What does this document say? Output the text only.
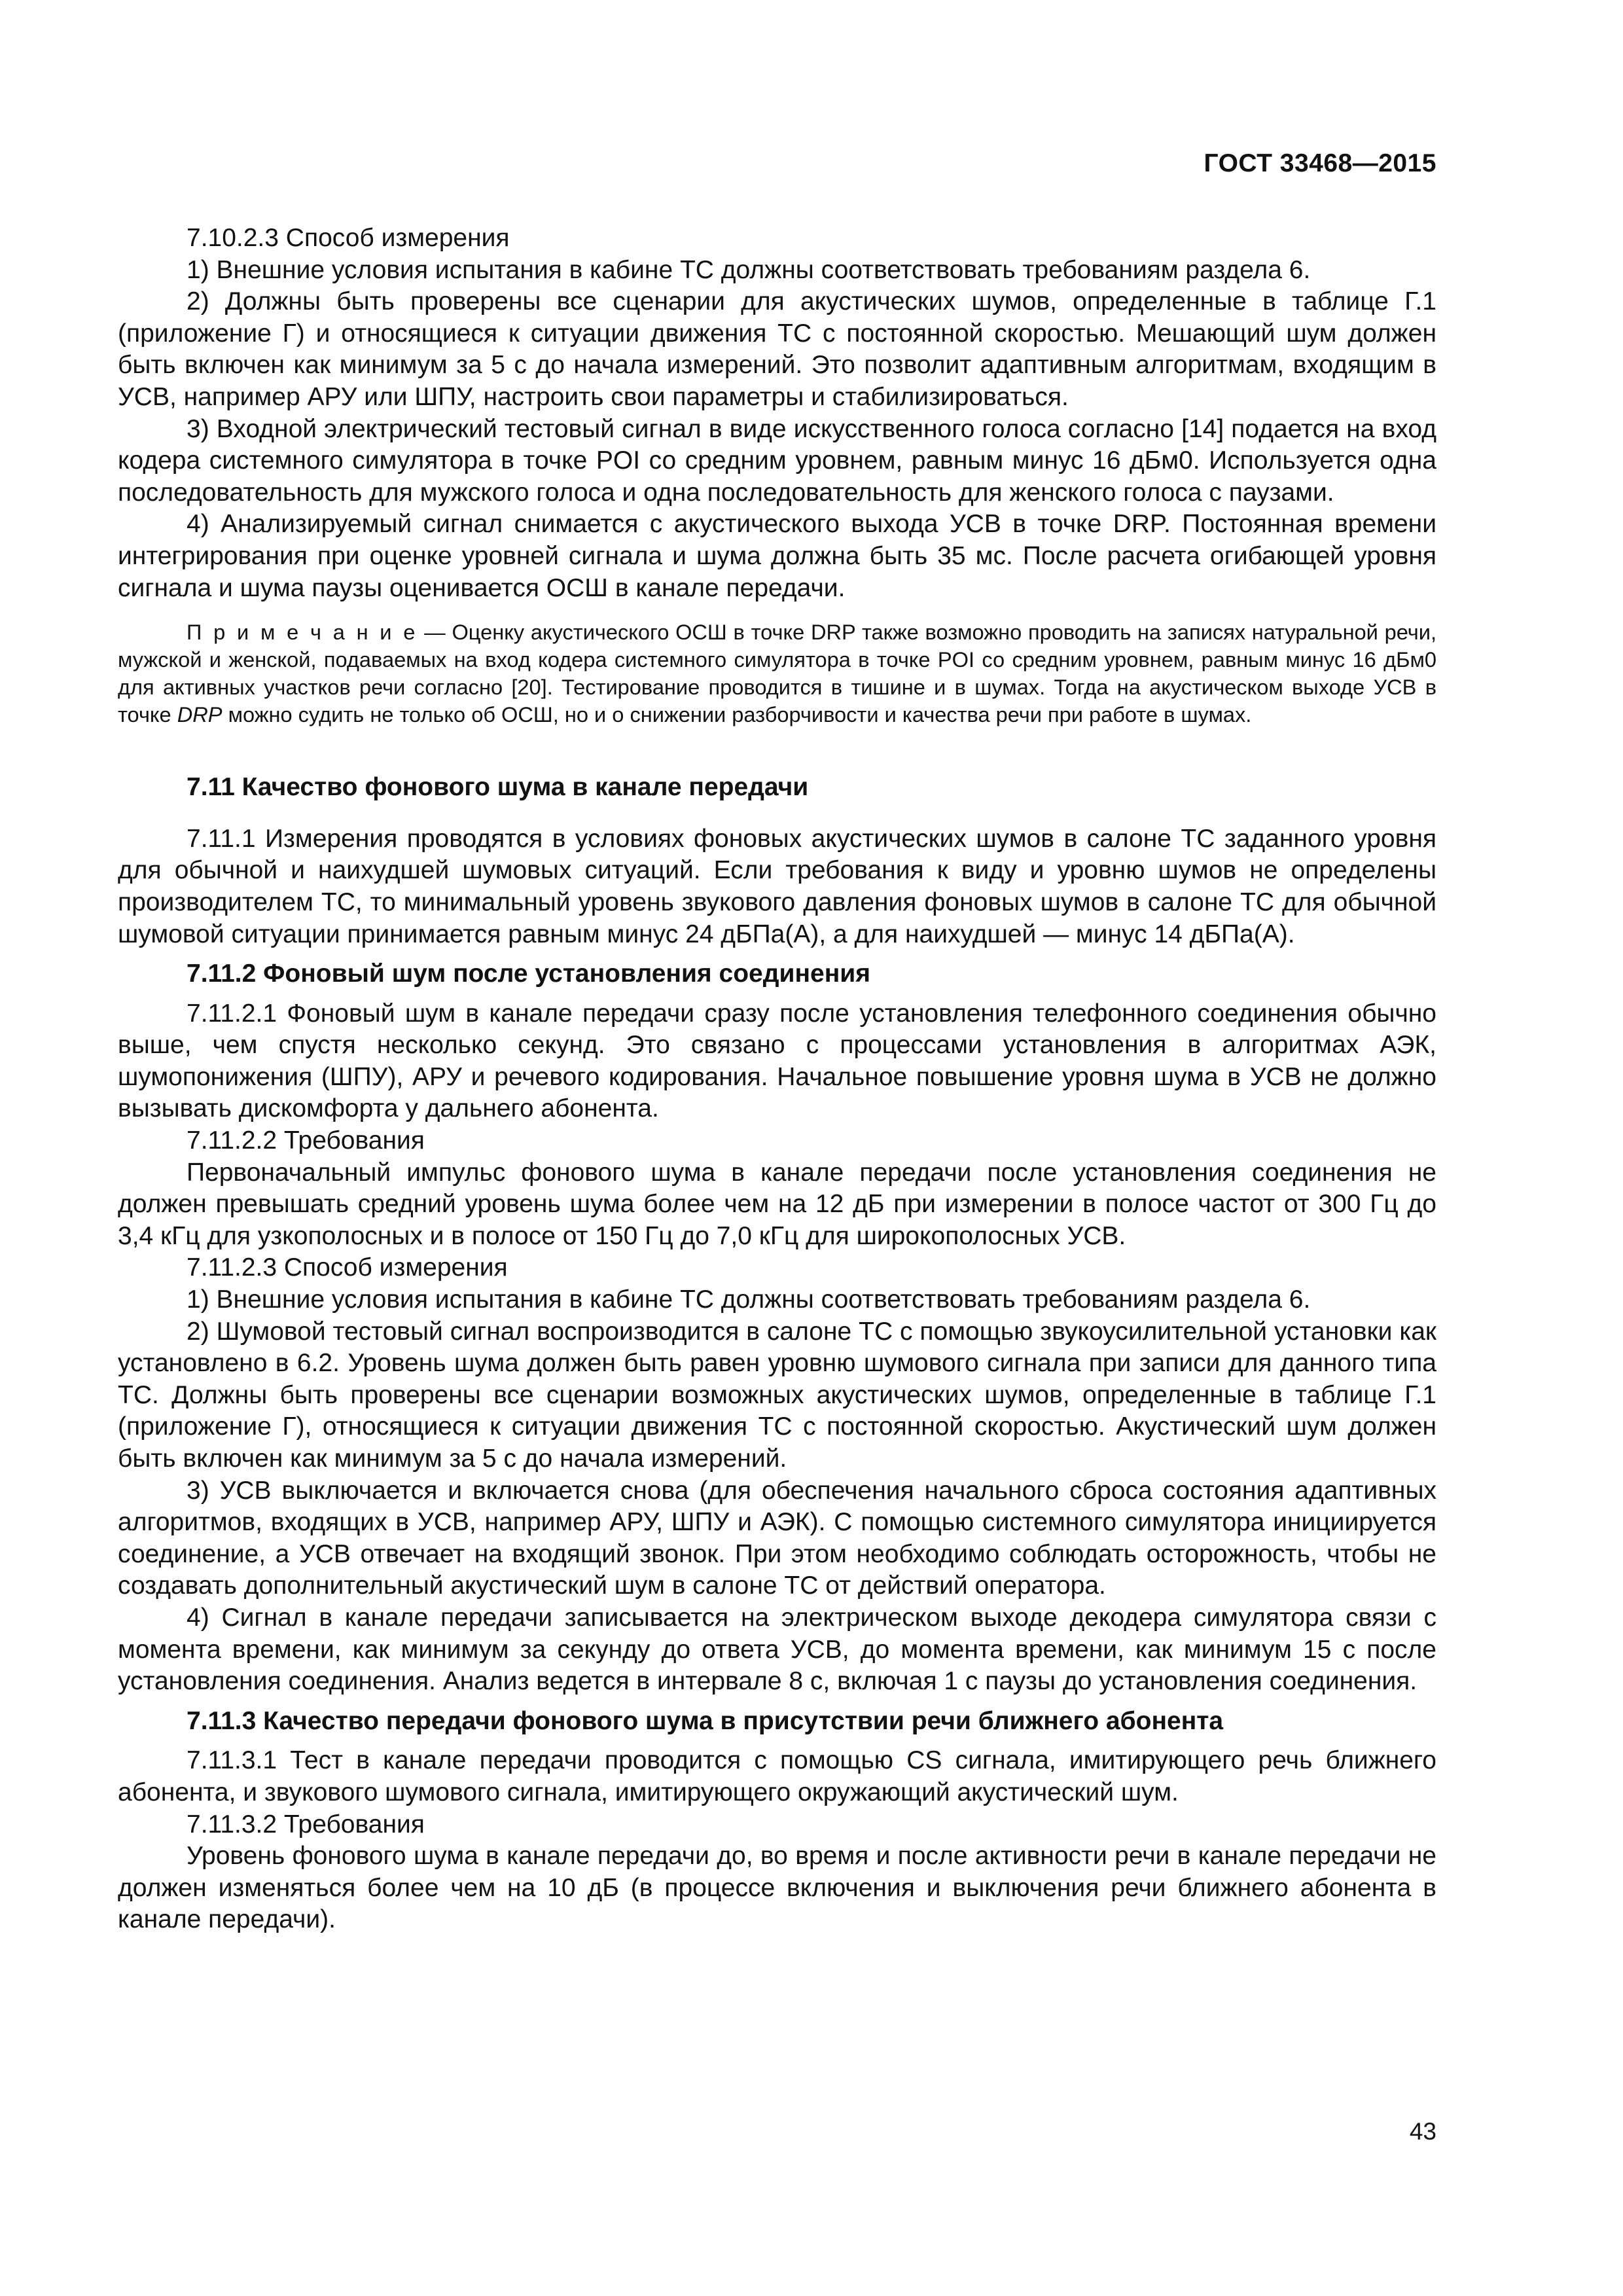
ГОСТ 33468—2015

7.10.2.3 Способ измерения

1) Внешние условия испытания в кабине ТС должны соответствовать требованиям раздела 6.

2) Должны быть проверены все сценарии для акустических шумов, определенные в таблице Г.1 (приложение Г) и относящиеся к ситуации движения ТС с постоянной скоростью. Мешающий шум должен быть включен как минимум за 5 с до начала измерений. Это позволит адаптивным алгоритмам, входящим в УСВ, например АРУ или ШПУ, настроить свои параметры и стабилизироваться.

3) Входной электрический тестовый сигнал в виде искусственного голоса согласно [14] подается на вход кодера системного симулятора в точке POI со средним уровнем, равным минус 16 дБм0. Используется одна последовательность для мужского голоса и одна последовательность для женского голоса с паузами.

4) Анализируемый сигнал снимается с акустического выхода УСВ в точке DRP. Постоянная времени интегрирования при оценке уровней сигнала и шума должна быть 35 мс. После расчета огибающей уровня сигнала и шума паузы оценивается ОСШ в канале передачи.

П р и м е ч а н и е — Оценку акустического ОСШ в точке DRP также возможно проводить на записях натуральной речи, мужской и женской, подаваемых на вход кодера системного симулятора в точке POI со средним уровнем, равным минус 16 дБм0 для активных участков речи согласно [20]. Тестирование проводится в тишине и в шумах. Тогда на акустическом выходе УСВ в точке DRP можно судить не только об ОСШ, но и о снижении разборчивости и качества речи при работе в шумах.

7.11 Качество фонового шума в канале передачи

7.11.1 Измерения проводятся в условиях фоновых акустических шумов в салоне ТС заданного уровня для обычной и наихудшей шумовых ситуаций. Если требования к виду и уровню шумов не определены производителем ТС, то минимальный уровень звукового давления фоновых шумов в салоне ТС для обычной шумовой ситуации принимается равным минус 24 дБПа(А), а для наихудшей — минус 14 дБПа(А).

7.11.2 Фоновый шум после установления соединения

7.11.2.1 Фоновый шум в канале передачи сразу после установления телефонного соединения обычно выше, чем спустя несколько секунд. Это связано с процессами установления в алгоритмах АЭК, шумопонижения (ШПУ), АРУ и речевого кодирования. Начальное повышение уровня шума в УСВ не должно вызывать дискомфорта у дальнего абонента.

7.11.2.2 Требования

Первоначальный импульс фонового шума в канале передачи после установления соединения не должен превышать средний уровень шума более чем на 12 дБ при измерении в полосе частот от 300 Гц до 3,4 кГц для узкополосных и в полосе от 150 Гц до 7,0 кГц для широкополосных УСВ.

7.11.2.3 Способ измерения

1) Внешние условия испытания в кабине ТС должны соответствовать требованиям раздела 6.

2) Шумовой тестовый сигнал воспроизводится в салоне ТС с помощью звукоусилительной установки как установлено в 6.2. Уровень шума должен быть равен уровню шумового сигнала при записи для данного типа ТС. Должны быть проверены все сценарии возможных акустических шумов, определенные в таблице Г.1 (приложение Г), относящиеся к ситуации движения ТС с постоянной скоростью. Акустический шум должен быть включен как минимум за 5 с до начала измерений.

3) УСВ выключается и включается снова (для обеспечения начального сброса состояния адаптивных алгоритмов, входящих в УСВ, например АРУ, ШПУ и АЭК). С помощью системного симулятора инициируется соединение, а УСВ отвечает на входящий звонок. При этом необходимо соблюдать осторожность, чтобы не создавать дополнительный акустический шум в салоне ТС от действий оператора.

4) Сигнал в канале передачи записывается на электрическом выходе декодера симулятора связи с момента времени, как минимум за секунду до ответа УСВ, до момента времени, как минимум 15 с после установления соединения. Анализ ведется в интервале 8 с, включая 1 с паузы до установления соединения.

7.11.3 Качество передачи фонового шума в присутствии речи ближнего абонента

7.11.3.1 Тест в канале передачи проводится с помощью CS сигнала, имитирующего речь ближнего абонента, и звукового шумового сигнала, имитирующего окружающий акустический шум.

7.11.3.2 Требования

Уровень фонового шума в канале передачи до, во время и после активности речи в канале передачи не должен изменяться более чем на 10 дБ (в процессе включения и выключения речи ближнего абонента в канале передачи).

43
